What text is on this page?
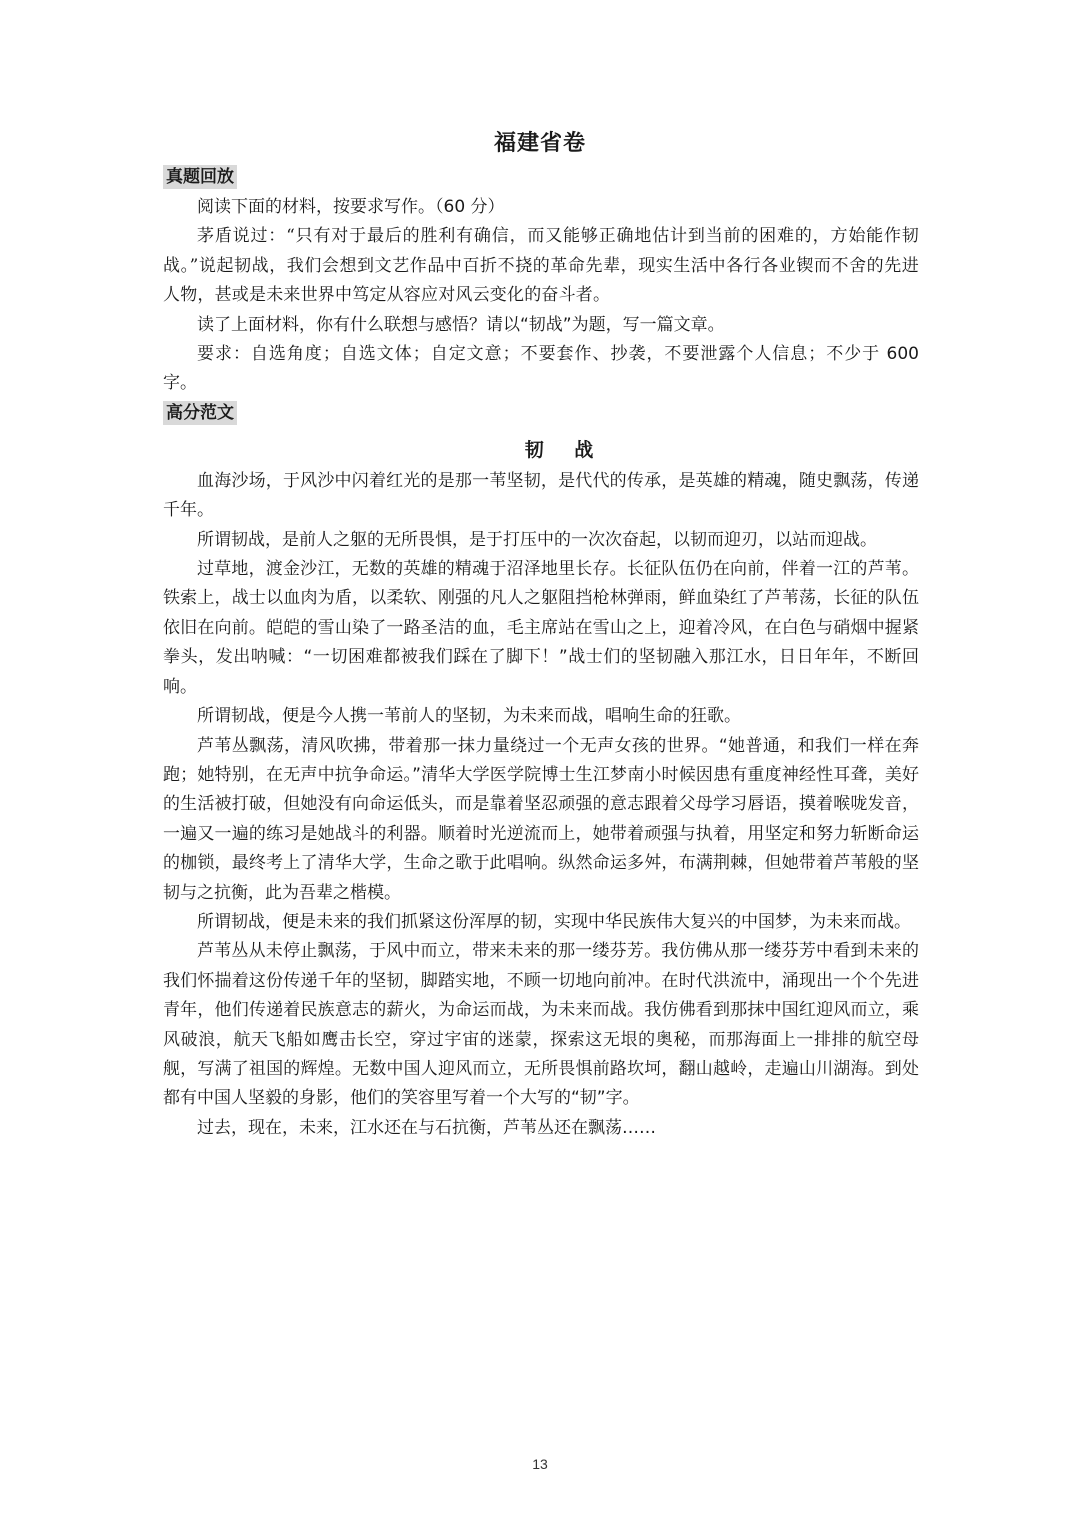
福建省卷
真题回放

阅读下面的材料，按要求写作。（60 分）

茅盾说过：“只有对于最后的胜利有确信，而又能够正确地估计到当前的困难的，方始能作韧战。”说起韧战，我们会想到文艺作品中百折不挠的革命先辈，现实生活中各行各业锲而不舍的先进人物，甚或是未来世界中笃定从容应对风云变化的奋斗者。

读了上面材料，你有什么联想与感悟？请以“韧战”为题，写一篇文章。

要求：自选角度；自选文体；自定文意；不要套作、抄袭，不要泄露个人信息；不少于 600 字。

高分范文
韧 战

血海沙场，于风沙中闪着红光的是那一苇坚韧，是代代的传承，是英雄的精魂，随史飘荡，传递千年。

所谓韧战，是前人之躯的无所畏惧，是于打压中的一次次奋起，以韧而迎刃，以站而迎战。

过草地，渡金沙江，无数的英雄的精魂于沼泽地里长存。长征队伍仍在向前，伴着一江的芦苇。铁索上，战士以血肉为盾，以柔软、刚强的凡人之躯阻挡枪林弹雨，鲜血染红了芦苇荡，长征的队伍依旧在向前。皑皑的雪山染了一路圣洁的血，毛主席站在雪山之上，迎着冷风，在白色与硝烟中握紧拳头，发出呐喊：“一切困难都被我们踩在了脚下！”战士们的坚韧融入那江水，日日年年，不断回响。

所谓韧战，便是今人携一苇前人的坚韧，为未来而战，唱响生命的狂歌。

芦苇丛飘荡，清风吹拂，带着那一抹力量绕过一个无声女孩的世界。“她普通，和我们一样在奔跑；她特别，在无声中抗争命运。”清华大学医学院博士生江梦南小时候因患有重度神经性耳聋，美好的生活被打破，但她没有向命运低头，而是靠着坚忍顽强的意志跟着父母学习唇语，摸着喉咙发音，一遍又一遍的练习是她战斗的利器。顺着时光逆流而上，她带着顽强与执着，用坚定和努力斩断命运的枷锁，最终考上了清华大学，生命之歌于此唱响。纵然命运多舛，布满荆棘，但她带着芦苇般的坚韧与之抗衡，此为吾辈之楷模。

所谓韧战，便是未来的我们抓紧这份浑厚的韧，实现中华民族伟大复兴的中国梦，为未来而战。

芦苇丛从未停止飘荡，于风中而立，带来未来的那一缕芬芳。我仿佛从那一缕芬芳中看到未来的我们怀揣着这份传递千年的坚韧，脚踏实地，不顾一切地向前冲。在时代洪流中，涌现出一个个先进青年，他们传递着民族意志的薪火，为命运而战，为未来而战。我仿佛看到那抹中国红迎风而立，乘风破浪，航天飞船如鹰击长空，穿过宇宙的迷蒙，探索这无垠的奥秘，而那海面上一排排的航空母舰，写满了祖国的辉煌。无数中国人迎风而立，无所畏惧前路坎坷，翻山越岭，走遍山川湖海。到处都有中国人坚毅的身影，他们的笑容里写着一个大写的“韧”字。

过去，现在，未来，江水还在与石抗衡，芦苇丛还在飘荡……

13
